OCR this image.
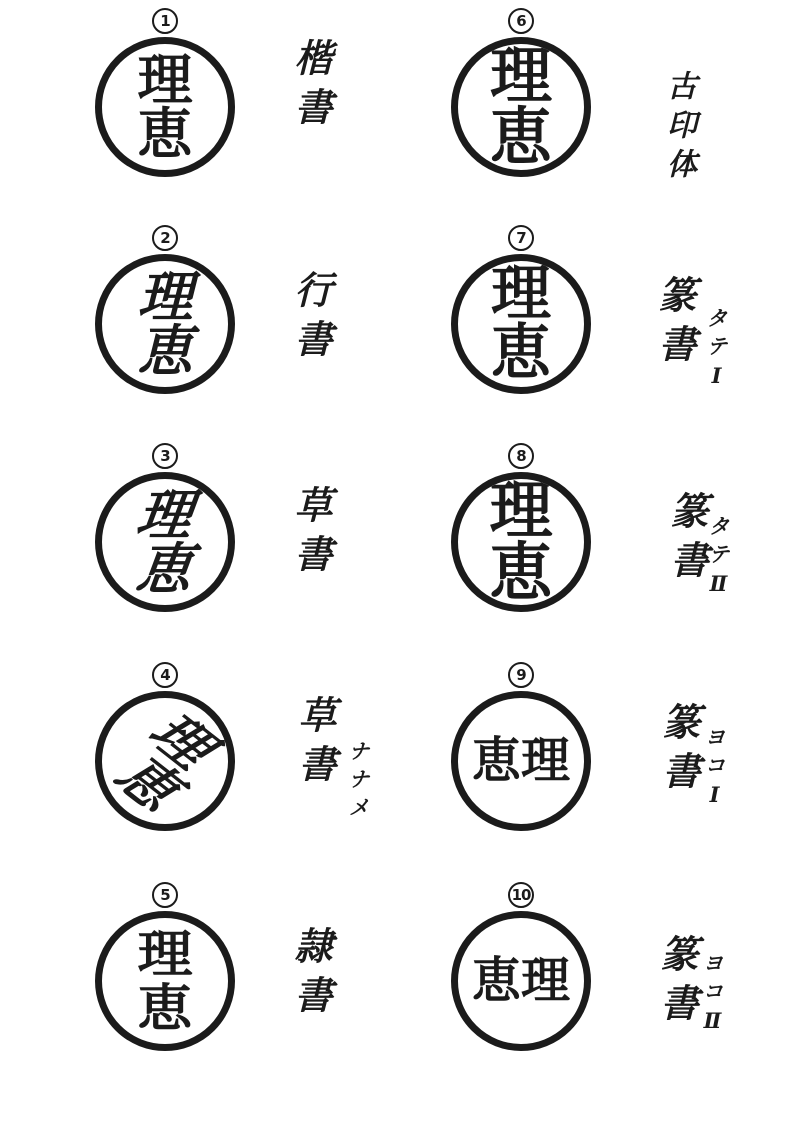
1
理
恵	楷書
2
理
恵	行書
3
理
恵 草書
4
理
恵	草書 ナナメ
5
理
恵	隷書
6
理
恵	古印体
7
理
恵	篆書 タテⅠ
8
理
恵	篆書
タテⅡ
9
恵 理 篆書 ヨコⅠ
10
恵 理 篆書 ヨコⅡ
